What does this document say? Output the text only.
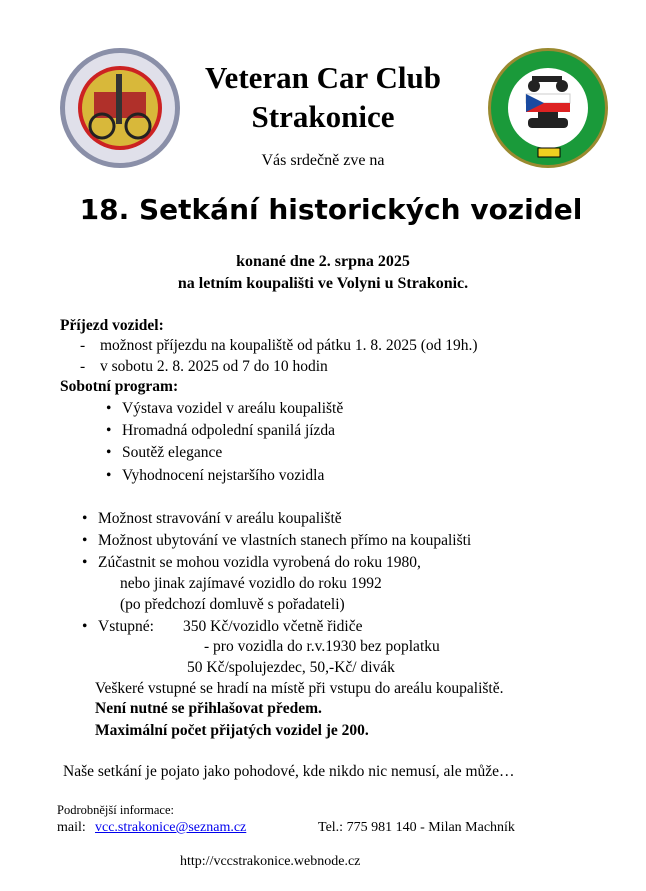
Veteran Car Club
Strakonice
Vás srdečně zve na
18. Setkání historických vozidel
konané dne 2. srpna 2025
na letním koupališti ve Volyni u Strakonic.
Příjezd vozidel:
- možnost příjezdu na koupaliště od pátku 1. 8. 2025 (od 19h.)
- v sobotu 2. 8. 2025 od 7 do 10 hodin
Sobotní program:
• Výstava vozidel v areálu koupaliště
• Hromadná odpolední spanilá jízda
• Soutěž elegance
• Vyhodnocení nejstaršího vozidla
• Možnost stravování v areálu koupaliště
• Možnost ubytování ve vlastních stanech přímo na koupališti
• Zúčastnit se mohou vozidla vyrobená do roku 1980,
nebo jinak zajímavé vozidlo do roku 1992
(po předchozí domluvě s pořadateli)
• Vstupné: 350 Kč/vozidlo včetně řidiče
- pro vozidla do r.v.1930 bez poplatku
50 Kč/spolujezdec, 50,-Kč/ divák
Veškeré vstupné se hradí na místě při vstupu do areálu koupaliště.
Není nutné se přihlašovat předem.
Maximální počet přijatých vozidel je 200.
Naše setkání je pojato jako pohodové, kde nikdo nic nemusí, ale může…
Podrobnější informace:
mail: vcc.strakonice@seznam.cz	Tel.: 775 981 140 - Milan Machník
http://vccstrakonice.webnode.cz
